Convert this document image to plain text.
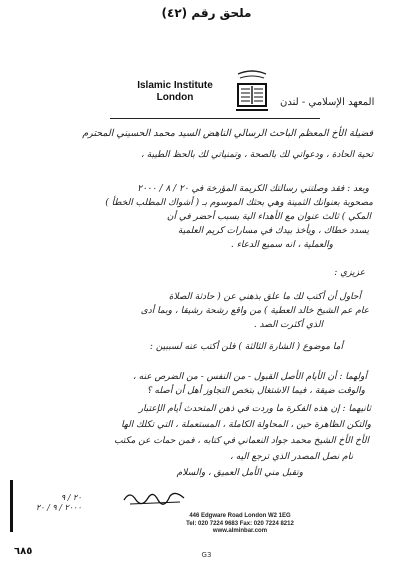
ملحق رقم (٤٢)
Islamic Institute
London	المعهد الإسلامي - لندن
فضيلة الأخ المعظم الباحث الرسالي الناهض السيد محمد الحسيني المحترم
تحية الحادة ، ودعواتي لك بالصحة ، وتمنياتي لك بالحظ الطيبة ،
وبعد : فقد وصلتني رسالتك الكريمة المؤرخة في ٢٠ / ٨ / ٢٠٠٠
مصحوبة بعنوانك الثمينة وهي بحثك الموسوم بـ ( أشواك المطلب الخطأ )
المكي ) ثالث عنوان مع الأهداء الية بسبب أحضر في أن
يسدد خطاك ، ويأخذ بيدك في مسارات كريم العلمية
والعملية ، انه سميع الدعاء .
عزيزي :
أحاول أن أكتب لك ما علق بذهني عن ( حادثة الصلاة
عام عم الشيخ خالد العطية ) من واقع رشحة رشيقا ، وبما أدى
الذي أكثرت الصد .
أما موضوع ( الشارة الثالثة ) فلن أكتب عنه لسببين :
أولهما : أن الأيام الأصل القبول - من النفس - من الضرص عنه ،
والوقت ضيقة ، فيما الاشتغال بتخص التجاوز أهل أن أصله ؟
ثانيهما : إن هذه الفكرة ما وردت في ذهن المتحدث أيام الإعتبار
والتكن الظاهرة حين ، المحاولة الكاملة ، المستعملة ، التي تكلك الها
الأخ الأخ الشيخ محمد جواد النعماني في كتابه ، فمن حمات عن مكتب
نام نصل المصدر الذي ترجع اليه ،
وتقبل مني الأمل العميق ، والسلام
٢٠ / ٩
٢٠٠٠ / ٩ / ٢٠
446 Edgware Road London W2 1EG
Tel: 020 7224 9683 Fax: 020 7224 8212
www.alminbar.com
٦٨٥	G3
